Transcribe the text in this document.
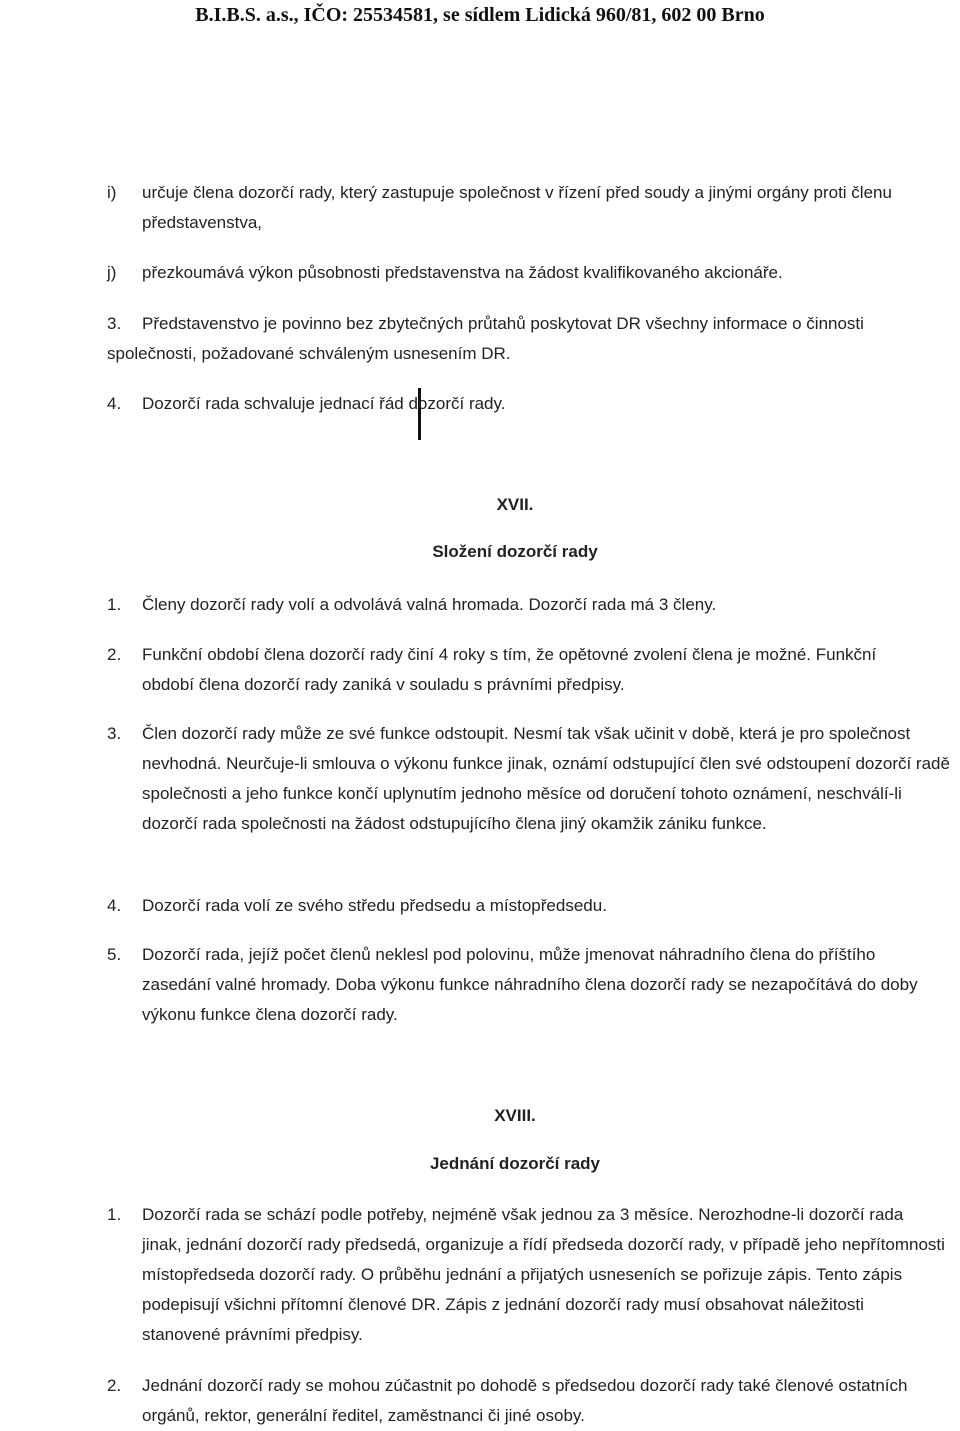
B.I.B.S. a.s., IČO: 25534581, se sídlem Lidická 960/81, 602 00 Brno
i) určuje člena dozorčí rady, který zastupuje společnost v řízení před soudy a jinými orgány proti členu představenstva,
j) přezkoumává výkon působnosti představenstva na žádost kvalifikovaného akcionáře.
3.	Představenstvo je povinno bez zbytečných průtahů poskytovat DR všechny informace o činnosti společnosti, požadované schváleným usnesením DR.
4. Dozorčí rada schvaluje jednací řád dozorčí rady.
XVII.
Složení dozorčí rady
1. Členy dozorčí rady volí a odvolává valná hromada. Dozorčí rada má 3 členy.
2. Funkční období člena dozorčí rady činí 4 roky s tím, že opětovné zvolení člena je možné. Funkční období člena dozorčí rady zaniká v souladu s právními předpisy.
3. Člen dozorčí rady může ze své funkce odstoupit. Nesmí tak však učinit v době, která je pro společnost nevhodná. Neurčuje-li smlouva o výkonu funkce jinak, oznámí odstupující člen své odstoupení dozorčí radě společnosti a jeho funkce končí uplynutím jednoho měsíce od doručení tohoto oznámení, neschválí-li dozorčí rada společnosti na žádost odstupujícího člena jiný okamžik zániku funkce.
4. Dozorčí rada volí ze svého středu předsedu a místopředsedu.
5. Dozorčí rada, jejíž počet členů neklesl pod polovinu, může jmenovat náhradního člena do příštího zasedání valné hromady. Doba výkonu funkce náhradního člena dozorčí rady se nezapočítává do doby výkonu funkce člena dozorčí rady.
XVIII.
Jednání dozorčí rady
1. Dozorčí rada se schází podle potřeby, nejméně však jednou za 3 měsíce. Nerozhodne-li dozorčí rada jinak, jednání dozorčí rady předsedá, organizuje a řídí předseda dozorčí rady, v případě jeho nepřítomnosti místopředseda dozorčí rady. O průběhu jednání a přijatých usneseních se pořizuje zápis. Tento zápis podepisují všichni přítomní členové DR. Zápis z jednání dozorčí rady musí obsahovat náležitosti stanovené právními předpisy.
2. Jednání dozorčí rady se mohou zúčastnit po dohodě s předsedou dozorčí rady také členové ostatních orgánů, rektor, generální ředitel, zaměstnanci či jiné osoby.
